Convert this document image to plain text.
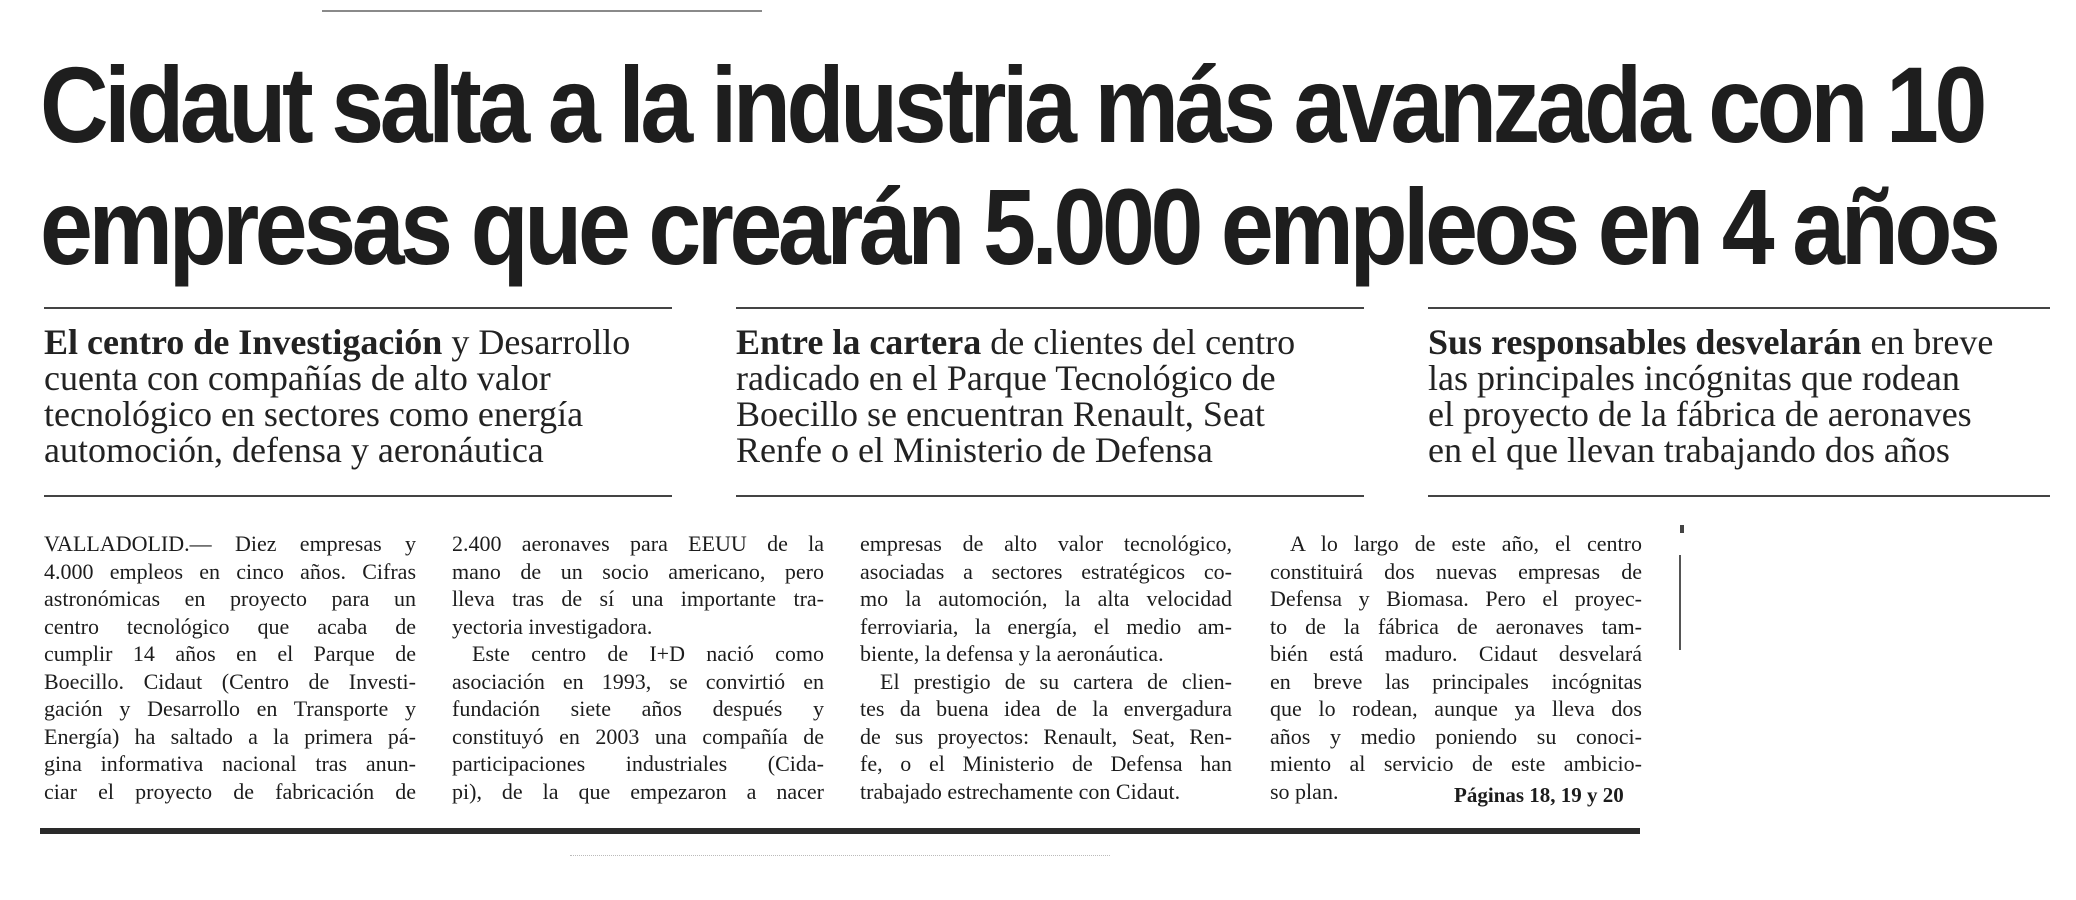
Cidaut salta a la industria más avanzada con 10
empresas que crearán 5.000 empleos en 4 años
El centro de Investigación y Desarrollo
cuenta con compañías de alto valor
tecnológico en sectores como energía
automoción, defensa y aeronáutica
Entre la cartera de clientes del centro
radicado en el Parque Tecnológico de
Boecillo se encuentran Renault, Seat
Renfe o el Ministerio de Defensa
Sus responsables desvelarán en breve
las principales incógnitas que rodean
el proyecto de la fábrica de aeronaves
en el que llevan trabajando dos años
VALLADOLID.— Diez empresas y
4.000 empleos en cinco años. Cifras
astronómicas en proyecto para un
centro tecnológico que acaba de
cumplir 14 años en el Parque de
Boecillo. Cidaut (Centro de Investi-
gación y Desarrollo en Transporte y
Energía) ha saltado a la primera pá-
gina informativa nacional tras anun-
ciar el proyecto de fabricación de
2.400 aeronaves para EEUU de la
mano de un socio americano, pero
lleva tras de sí una importante tra-
yectoria investigadora.
Este centro de I+D nació como
asociación en 1993, se convirtió en
fundación siete años después y
constituyó en 2003 una compañía de
participaciones industriales (Cida-
pi), de la que empezaron a nacer
empresas de alto valor tecnológico,
asociadas a sectores estratégicos co-
mo la automoción, la alta velocidad
ferroviaria, la energía, el medio am-
biente, la defensa y la aeronáutica.
El prestigio de su cartera de clien-
tes da buena idea de la envergadura
de sus proyectos: Renault, Seat, Ren-
fe, o el Ministerio de Defensa han
trabajado estrechamente con Cidaut.
A lo largo de este año, el centro
constituirá dos nuevas empresas de
Defensa y Biomasa. Pero el proyec-
to de la fábrica de aeronaves tam-
bién está maduro. Cidaut desvelará
en breve las principales incógnitas
que lo rodean, aunque ya lleva dos
años y medio poniendo su conoci-
miento al servicio de este ambicio-
so plan.	Páginas 18, 19 y 20
